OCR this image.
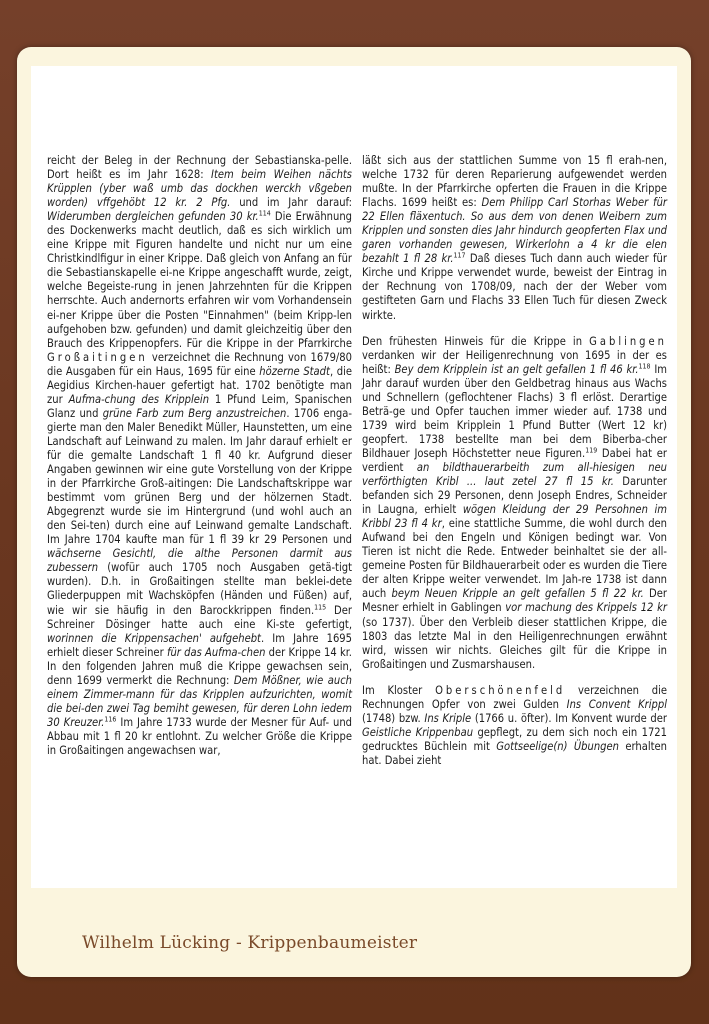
reicht der Beleg in der Rechnung der Sebastianska-pelle. Dort heißt es im Jahr 1628: Item beim Weihen nächts Krüpplen (yber waß umb das dockhen werckh vßgeben worden) vffgehöbt 12 kr. 2 Pfg. und im Jahr darauf: Widerumben dergleichen gefunden 30 kr.$^{114}$ Die Erwähnung des Dockenwerks macht deutlich, daß es sich wirklich um eine Krippe mit Figuren handelte und nicht nur um eine Christkindlfigur in einer Krippe. Daß gleich von Anfang an für die Sebastianskapelle ei-ne Krippe angeschafft wurde, zeigt, welche Begeiste-rung in jenen Jahrzehnten für die Krippen herrschte. Auch andernorts erfahren wir vom Vorhandensein ei-ner Krippe über die Posten "Einnahmen" (beim Kripp-len aufgehoben bzw. gefunden) und damit gleichzeitig über den Brauch des Krippenopfers. Für die Krippe in der Pfarrkirche Großaitingen verzeichnet die Rechnung von 1679/80 die Ausgaben für ein Haus, 1695 für eine hözerne Stadt, die Aegidius Kirchen-hauer gefertigt hat. 1702 benötigte man zur Aufma-chung des Kripplein 1 Pfund Leim, Spanischen Glanz und grüne Farb zum Berg anzustreichen. 1706 enga-gierte man den Maler Benedikt Müller, Haunstetten, um eine Landschaft auf Leinwand zu malen. Im Jahr darauf erhielt er für die gemalte Landschaft 1 fl 40 kr. Aufgrund dieser Angaben gewinnen wir eine gute Vorstellung von der Krippe in der Pfarrkirche Groß-aitingen: Die Landschaftskrippe war bestimmt vom grünen Berg und der hölzernen Stadt. Abgegrenzt wurde sie im Hintergrund (und wohl auch an den Sei-ten) durch eine auf Leinwand gemalte Landschaft. Im Jahre 1704 kaufte man für 1 fl 39 kr 29 Personen und wächserne Gesichtl, die althe Personen darmit aus zubessern (wofür auch 1705 noch Ausgaben getä-tigt wurden). D.h. in Großaitingen stellte man beklei-dete Gliederpuppen mit Wachsköpfen (Händen und Füßen) auf, wie wir sie häufig in den Barockkrippen finden.$^{115}$ Der Schreiner Dösinger hatte auch eine Ki-ste gefertigt, worinnen die Krippensachen' aufgehebt. Im Jahre 1695 erhielt dieser Schreiner für das Aufma-chen der Krippe 14 kr. In den folgenden Jahren muß die Krippe gewachsen sein, denn 1699 vermerkt die Rechnung: Dem Mößner, wie auch einem Zimmer-mann für das Kripplen aufzurichten, womit die bei-den zwei Tag bemiht gewesen, für deren Lohn iedem 30 Kreuzer.$^{116}$ Im Jahre 1733 wurde der Mesner für Auf- und Abbau mit 1 fl 20 kr entlohnt. Zu welcher Größe die Krippe in Großaitingen angewachsen war,

läßt sich aus der stattlichen Summe von 15 fl erah-nen, welche 1732 für deren Reparierung aufgewendet werden mußte. In der Pfarrkirche opferten die Frauen in die Krippe Flachs. 1699 heißt es: Dem Philipp Carl Storhas Weber für 22 Ellen fläxentuch. So aus dem von denen Weibern zum Kripplen und sonsten dies Jahr hindurch geopferten Flax und garen vorhanden gewesen, Wirkerlohn a 4 kr die elen bezahlt 1 fl 28 kr.$^{117}$ Daß dieses Tuch dann auch wieder für Kirche und Krippe verwendet wurde, beweist der Eintrag in der Rechnung von 1708/09, nach der der Weber vom gestifteten Garn und Flachs 33 Ellen Tuch für diesen Zweck wirkte.

Den frühesten Hinweis für die Krippe in Gablingen verdanken wir der Heiligenrechnung von 1695 in der es heißt: Bey dem Kripplein ist an gelt gefallen 1 fl 46 kr.$^{118}$ Im Jahr darauf wurden über den Geldbetrag hinaus aus Wachs und Schnellern (geflochtener Flachs) 3 fl erlöst. Derartige Beträ-ge und Opfer tauchen immer wieder auf. 1738 und 1739 wird beim Kripplein 1 Pfund Butter (Wert 12 kr) geopfert. 1738 bestellte man bei dem Biberba-cher Bildhauer Joseph Höchstetter neue Figuren.$^{119}$ Dabei hat er verdient an bildthauerarbeith zum all-hiesigen neu verförthigten Kribl ... laut zetel 27 fl 15 kr. Darunter befanden sich 29 Personen, denn Joseph Endres, Schneider in Laugna, erhielt wögen Kleidung der 29 Persohnen im Kribbl 23 fl 4 kr, eine stattliche Summe, die wohl durch den Aufwand bei den Engeln und Königen bedingt war. Von Tieren ist nicht die Rede. Entweder beinhaltet sie der all-gemeine Posten für Bildhauerarbeit oder es wurden die Tiere der alten Krippe weiter verwendet. Im Jah-re 1738 ist dann auch beym Neuen Kripple an gelt gefallen 5 fl 22 kr. Der Mesner erhielt in Gablingen vor machung des Krippels 12 kr (so 1737). Über den Verbleib dieser stattlichen Krippe, die 1803 das letzte Mal in den Heiligenrechnungen erwähnt wird, wissen wir nichts. Gleiches gilt für die Krippe in Großaitingen und Zusmarshausen.

Im Kloster Oberschönenfeld verzeichnen die Rechnungen Opfer von zwei Gulden Ins Convent Krippl (1748) bzw. Ins Kriple (1766 u. öfter). Im Konvent wurde der Geistliche Krippenbau gepflegt, zu dem sich noch ein 1721 gedrucktes Büchlein mit Gottseelige(n) Übungen erhalten hat. Dabei zieht

Wilhelm Lücking - Krippenbaumeister
